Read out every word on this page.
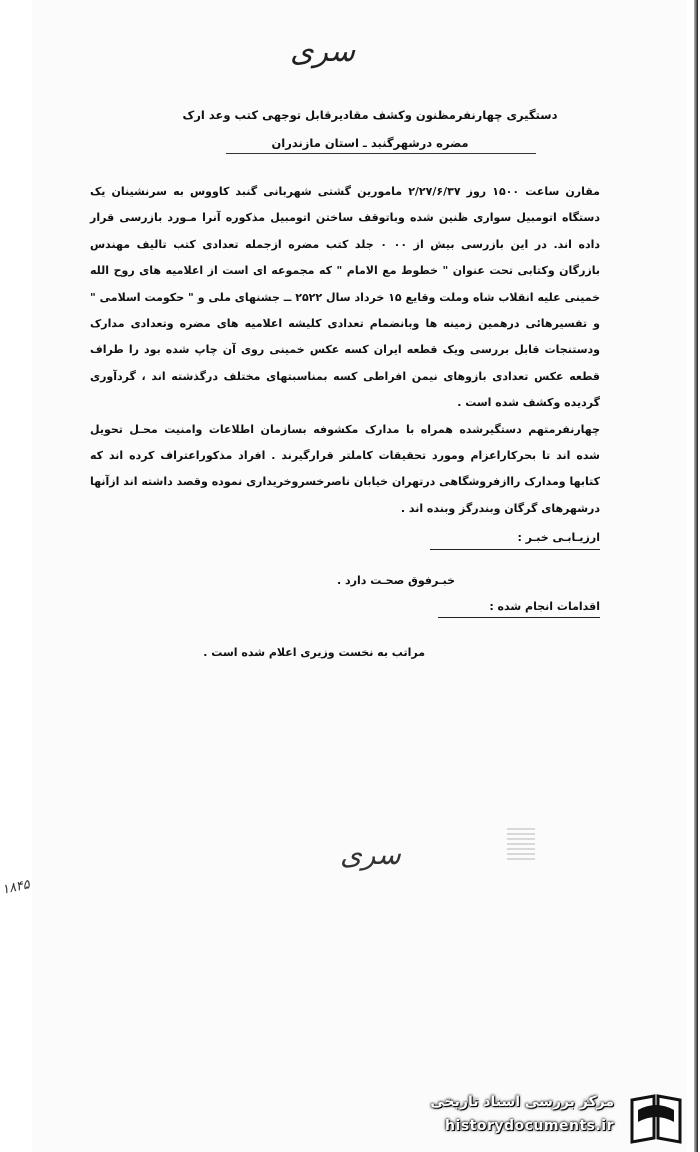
سری
دستگیری چهارنفرمظنون وکشف مقادیرقابل توجهی کتب وعد ارک
مضره درشهرگنبد ـ استان مازندران

مقارن ساعت ۱۵۰۰ روز ۲/۲۷/۶/۳۷ مامورین گشتی شهربانی گنبد کاووس به سرنشینان یک دستگاه اتومبیل سواری ظنین شده وباتوقف ساختن اتومبیل مذکوره آنرا مـورد بازرسی قرار داده اند. در این بازرسی بیش از ۰۰ ۰ جلد کتب مضره ازجمله تعدادی کتب تالیف مهندس بازرگان وکتابی تحت عنوان " خطوط مع الامام " که مجموعه ای است از اعلامیه های روح الله خمینی علیه انقلاب شاه وملت وقایع ۱۵ خرداد سال ۲۵۲۲ ــ جشنهای ملی و " حکومت اسلامی " و تفسیرهائی درهمین زمینه ها وبانضمام تعدادی کلیشه اعلامیه های مضره وتعدادی مدارک ودستنجات قابل بررسی ویک قطعه ایران کسه عکس خمینی روی آن چاپ شده بود را طراف قطعه عکس تعدادی بازوهای نیمن افراطی کسه بمناسبتهای مختلف درگذشته اند ، گردآوری گردیده وکشف شده است .

چهارنفرمتهم دستگیرشده همراه با مدارک مکشوفه بسازمان اطلاعات وامنیت محـل تحویل شده اند تا بحرکاراعزام ومورد تحقیقات کاملتر قرارگیرند . افراد مذکوراعتراف کرده اند که کتابها ومدارک راازفروشگاهی درتهران خیابان ناصرخسروخریداری نموده وقصد داشته اند ازآنها درشهرهای گرگان وبندرگز وبنده اند .

ارزیـابـی خبـر :
خبـرفوق صحـت دارد .
اقدامات انجام شده :
مراتب به نخست وزیری اعلام شده است .
سری
۱۸۴۵
مرکز بررسی اسناد تاریخی
historydocuments.ir
